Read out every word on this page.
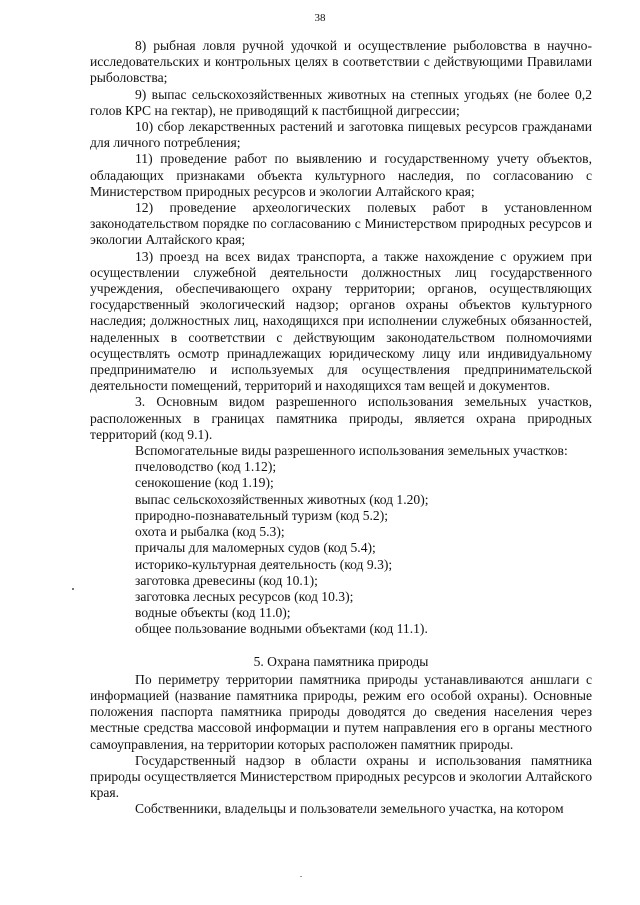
38

8) рыбная ловля ручной удочкой и осуществление рыболовства в научно-исследовательских и контрольных целях в соответствии с действующими Правилами рыболовства;

9) выпас сельскохозяйственных животных на степных угодьях (не более 0,2 голов КРС на гектар), не приводящий к пастбищной дигрессии;

10) сбор лекарственных растений и заготовка пищевых ресурсов гражданами для личного потребления;

11) проведение работ по выявлению и государственному учету объектов, обладающих признаками объекта культурного наследия, по согласованию с Министерством природных ресурсов и экологии Алтайского края;

12) проведение археологических полевых работ в установленном законодательством порядке по согласованию с Министерством природных ресурсов и экологии Алтайского края;

13) проезд на всех видах транспорта, а также нахождение с оружием при осуществлении служебной деятельности должностных лиц государственного учреждения, обеспечивающего охрану территории; органов, осуществляющих государственный экологический надзор; органов охраны объектов культурного наследия; должностных лиц, находящихся при исполнении служебных обязанностей, наделенных в соответствии с действующим законодательством полномочиями осуществлять осмотр принадлежащих юридическому лицу или индивидуальному предпринимателю и используемых для осуществления предпринимательской деятельности помещений, территорий и находящихся там вещей и документов.

3. Основным видом разрешенного использования земельных участков, расположенных в границах памятника природы, является охрана природных территорий (код 9.1).

Вспомогательные виды разрешенного использования земельных участков:

пчеловодство (код 1.12);

сенокошение (код 1.19);

выпас сельскохозяйственных животных (код 1.20);

природно-познавательный туризм (код 5.2);

охота и рыбалка (код 5.3);

причалы для маломерных судов (код 5.4);

историко-культурная деятельность (код 9.3);

заготовка древесины (код 10.1);

заготовка лесных ресурсов (код 10.3);

водные объекты (код 11.0);

общее пользование водными объектами (код 11.1).

5. Охрана памятника природы

По периметру территории памятника природы устанавливаются аншлаги с информацией (название памятника природы, режим его особой охраны). Основные положения паспорта памятника природы доводятся до сведения населения через местные средства массовой информации и путем направления его в органы местного самоуправления, на территории которых расположен памятник природы.

Государственный надзор в области охраны и использования памятника природы осуществляется Министерством природных ресурсов и экологии Алтайского края.

Собственники, владельцы и пользователи земельного участка, на котором
